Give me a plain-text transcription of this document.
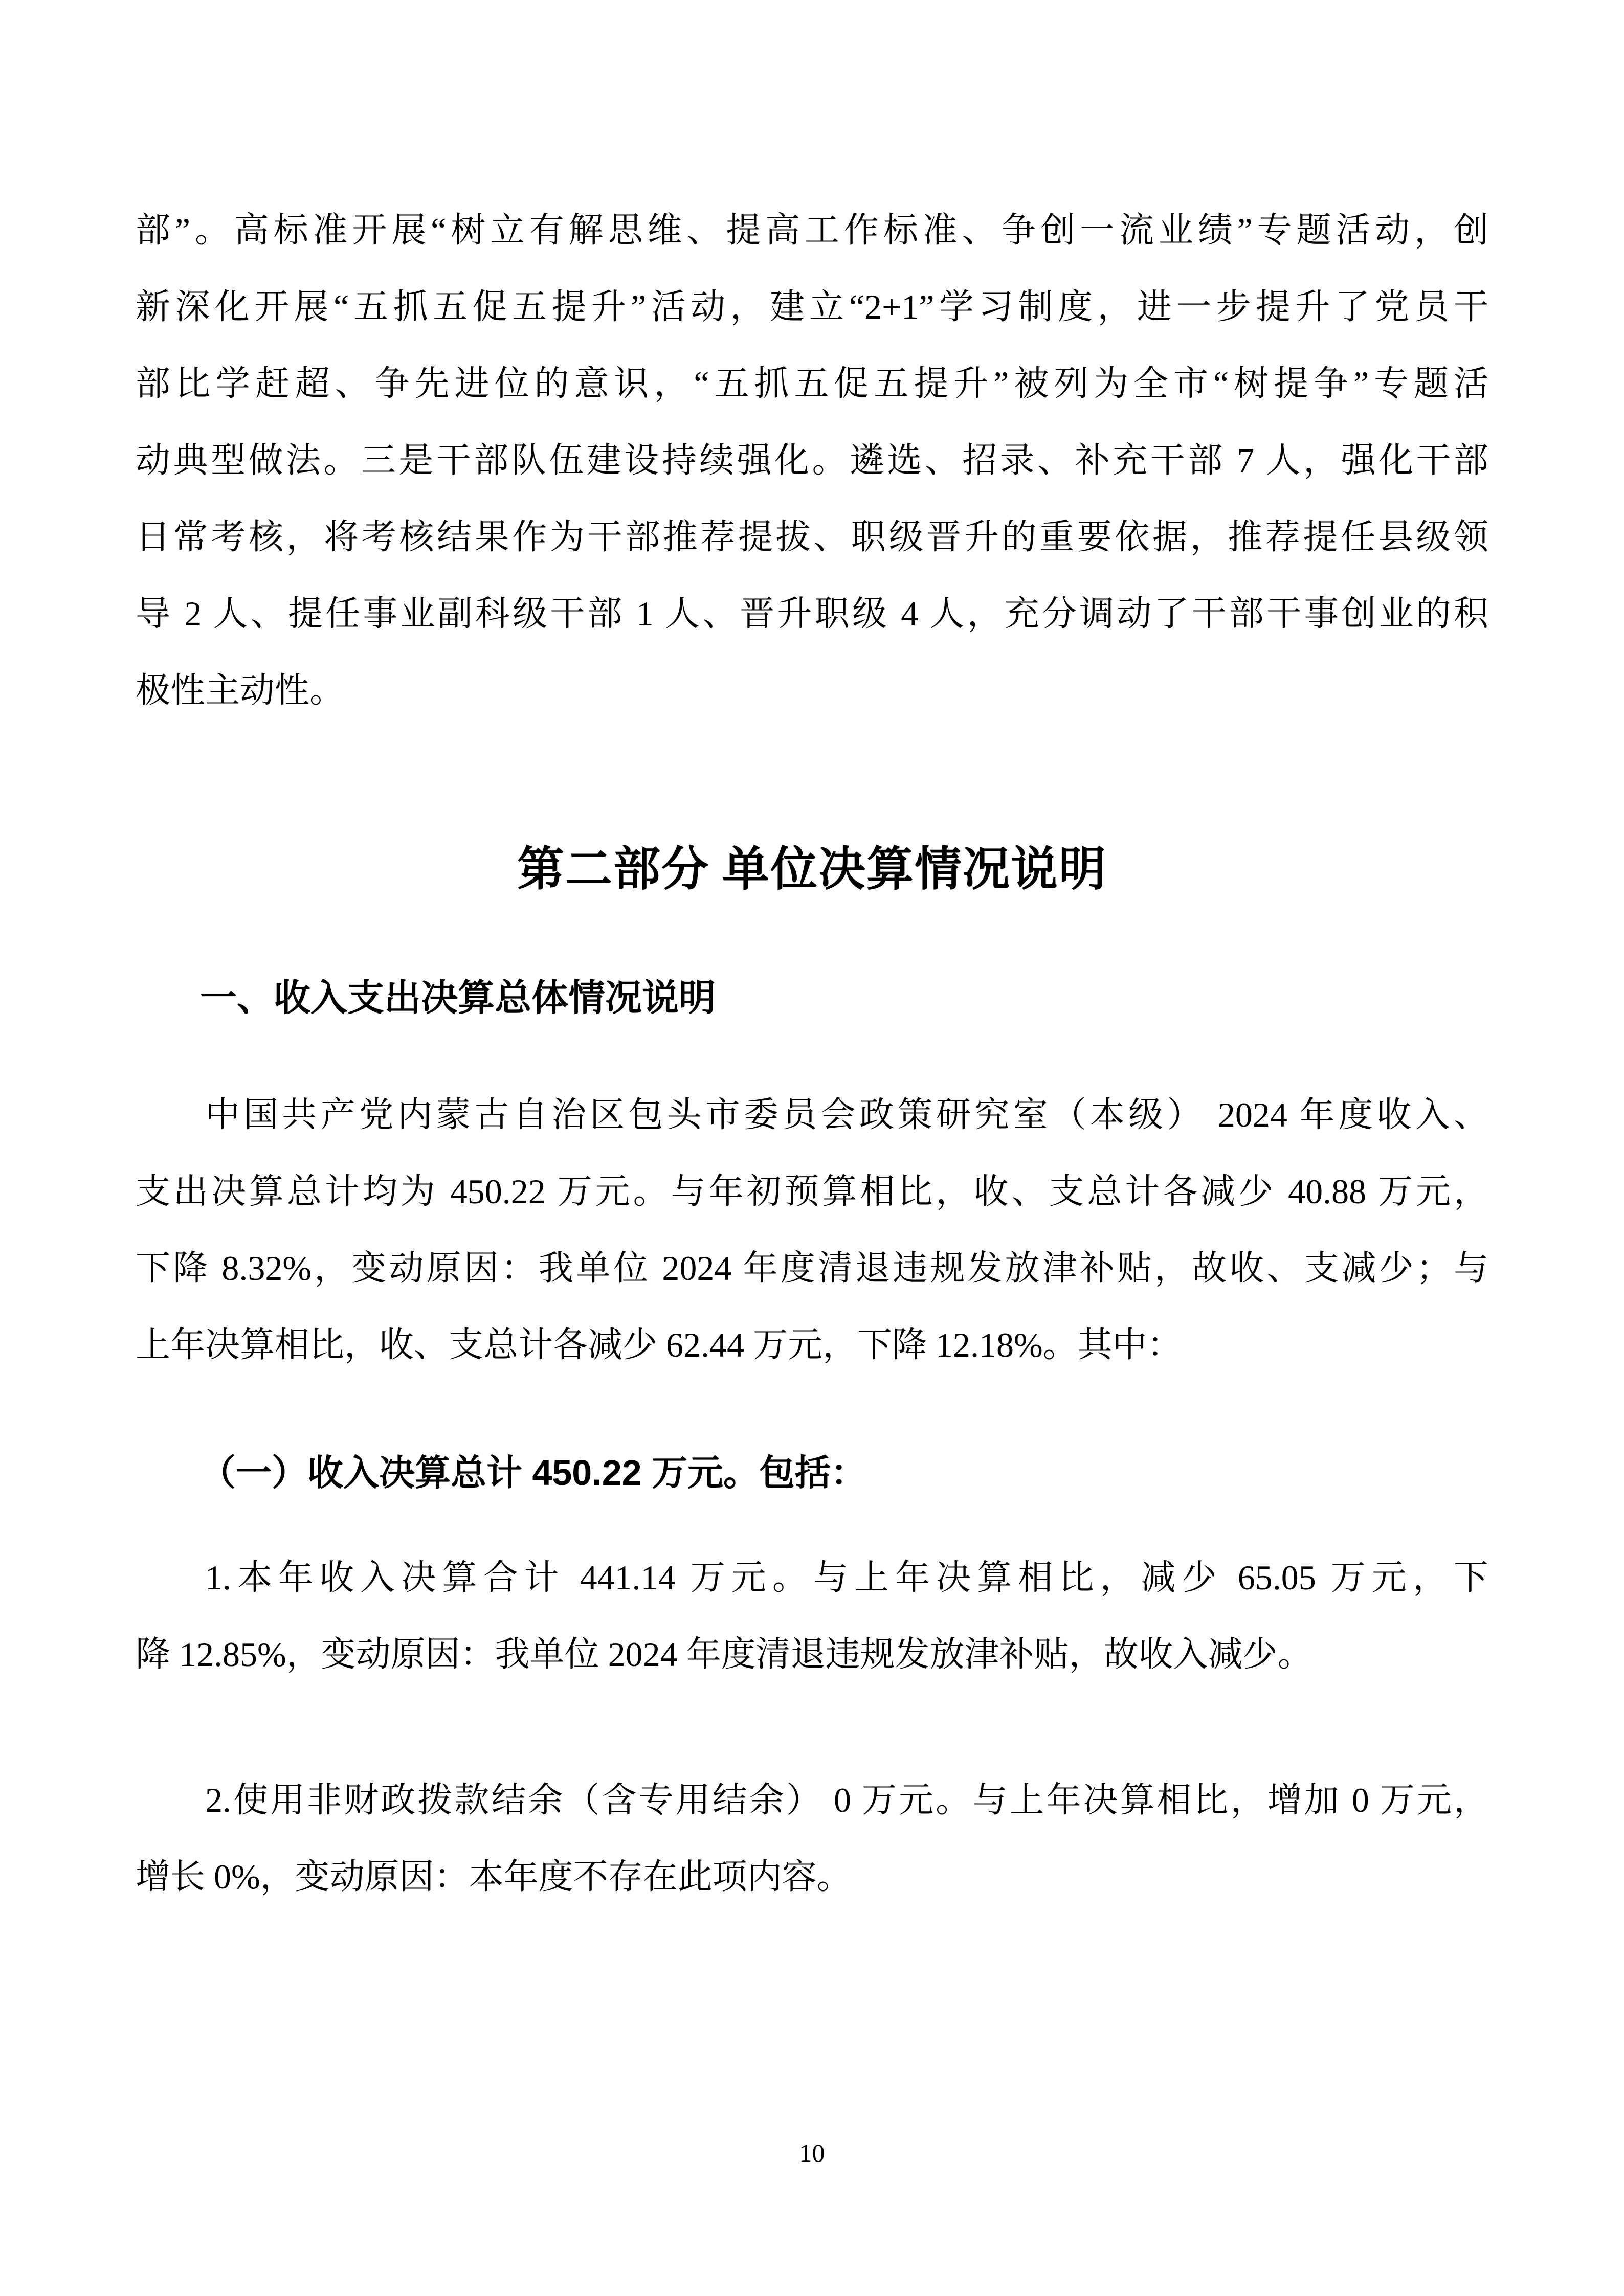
部”。高标准开展“树立有解思维、提高工作标准、争创一流业绩”专题活动，创
新深化开展“五抓五促五提升”活动，建立“2+1”学习制度，进一步提升了党员干
部比学赶超、争先进位的意识，“五抓五促五提升”被列为全市“树提争”专题活
动典型做法。三是干部队伍建设持续强化。遴选、招录、补充干部 7 人，强化干部
日常考核，将考核结果作为干部推荐提拔、职级晋升的重要依据，推荐提任县级领
导 2 人、提任事业副科级干部 1 人、晋升职级 4 人，充分调动了干部干事创业的积
极性主动性。
第二部分 单位决算情况说明
一、收入支出决算总体情况说明
中国共产党内蒙古自治区包头市委员会政策研究室（本级） 2024 年度收入、
支出决算总计均为 450.22 万元。与年初预算相比，收、支总计各减少 40.88 万元，
下降 8.32%，变动原因：我单位 2024 年度清退违规发放津补贴，故收、支减少；与
上年决算相比，收、支总计各减少 62.44 万元，下降 12.18%。其中：
（一）收入决算总计 450.22 万元。包括：
1.本年收入决算合计 441.14 万元。与上年决算相比，减少 65.05 万元，下
降 12.85%，变动原因：我单位 2024 年度清退违规发放津补贴，故收入减少。
2.使用非财政拨款结余（含专用结余） 0 万元。与上年决算相比，增加 0 万元，
增长 0%，变动原因：本年度不存在此项内容。
10
